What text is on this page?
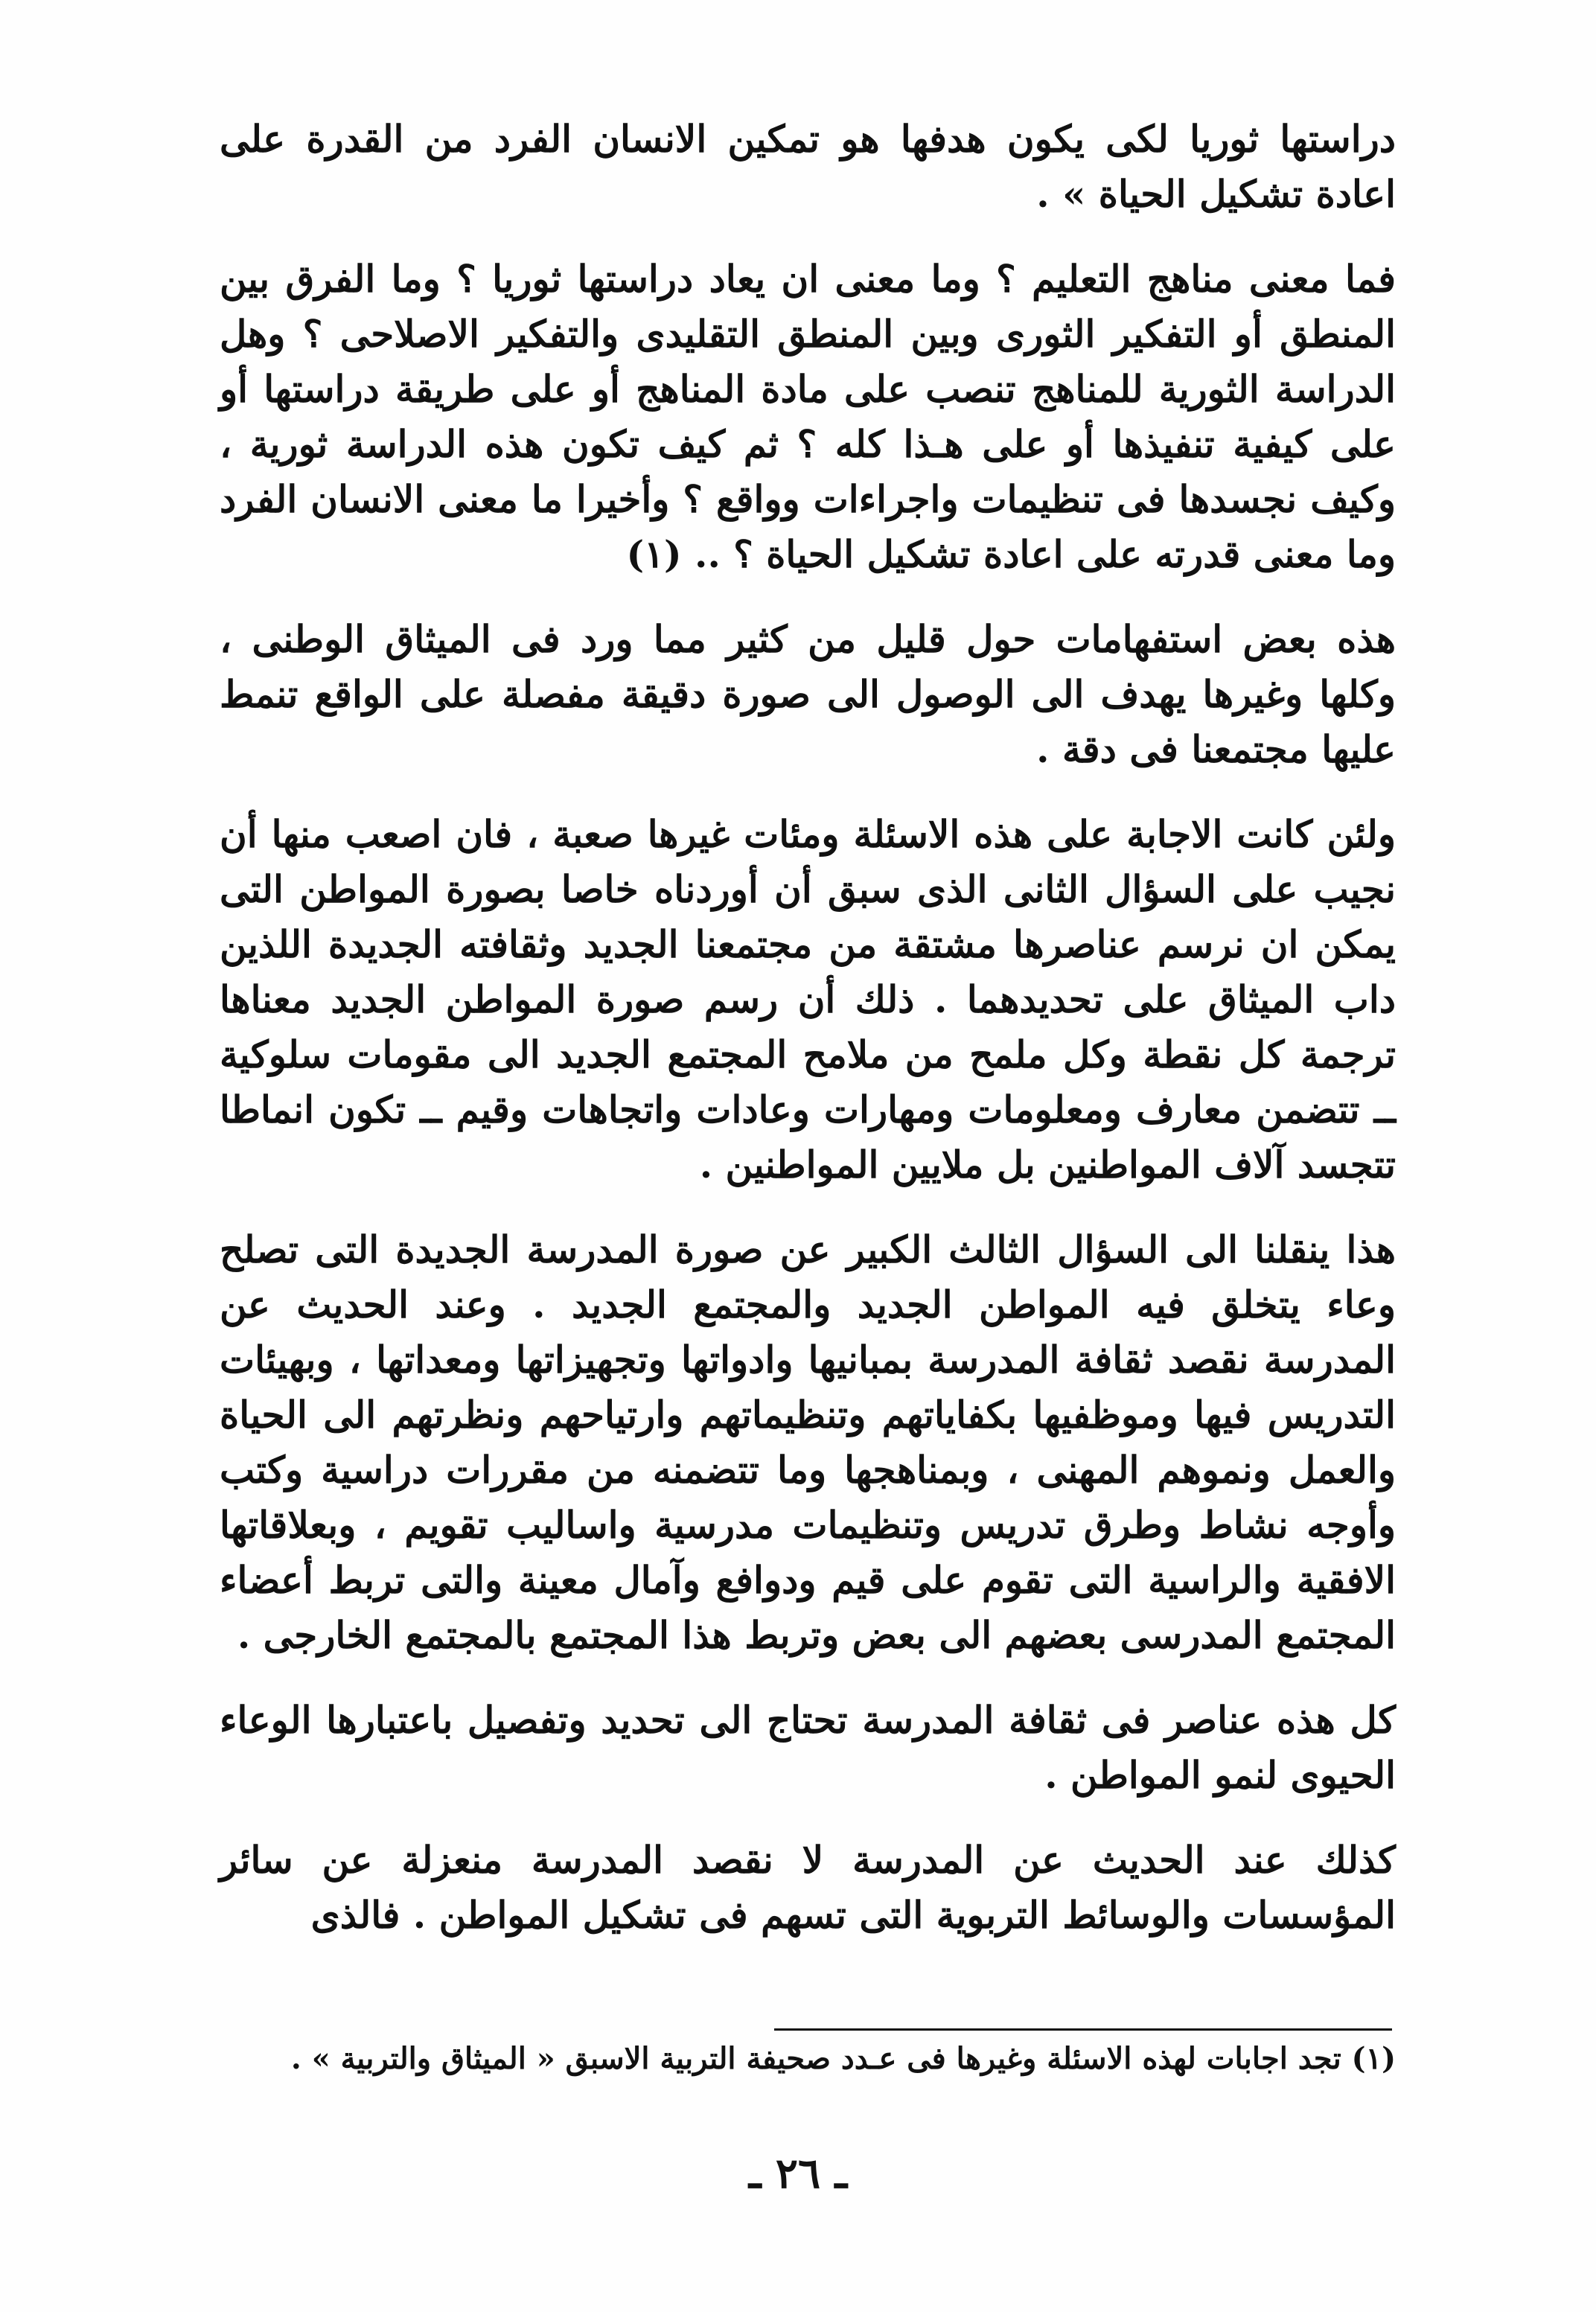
دراستها ثوريا لكى يكون هدفها هو تمكين الانسان الفرد من القدرة على اعادة تشكيل الحياة » .

فما معنى مناهج التعليم ؟ وما معنى ان يعاد دراستها ثوريا ؟ وما الفرق بين المنطق أو التفكير الثورى وبين المنطق التقليدى والتفكير الاصلاحى ؟ وهل الدراسة الثورية للمناهج تنصب على مادة المناهج أو على طريقة دراستها أو على كيفية تنفيذها أو على هـذا كله ؟ ثم كيف تكون هذه الدراسة ثورية ، وكيف نجسدها فى تنظيمات واجراءات وواقع ؟ وأخيرا ما معنى الانسان الفرد وما معنى قدرته على اعادة تشكيل الحياة ؟ .. (١)

هذه بعض استفهامات حول قليل من كثير مما ورد فى الميثاق الوطنى ، وكلها وغيرها يهدف الى الوصول الى صورة دقيقة مفصلة على الواقع تنمط عليها مجتمعنا فى دقة .

ولئن كانت الاجابة على هذه الاسئلة ومئات غيرها صعبة ، فان اصعب منها أن نجيب على السؤال الثانى الذى سبق أن أوردناه خاصا بصورة المواطن التى يمكن ان نرسم عناصرها مشتقة من مجتمعنا الجديد وثقافته الجديدة اللذين داب الميثاق على تحديدهما . ذلك أن رسم صورة المواطن الجديد معناها ترجمة كل نقطة وكل ملمح من ملامح المجتمع الجديد الى مقومات سلوكية ــ تتضمن معارف ومعلومات ومهارات وعادات واتجاهات وقيم ــ تكون انماطا تتجسد آلاف المواطنين بل ملايين المواطنين .

هذا ينقلنا الى السؤال الثالث الكبير عن صورة المدرسة الجديدة التى تصلح وعاء يتخلق فيه المواطن الجديد والمجتمع الجديد . وعند الحديث عن المدرسة نقصد ثقافة المدرسة بمبانيها وادواتها وتجهيزاتها ومعداتها ، وبهيئات التدريس فيها وموظفيها بكفاياتهم وتنظيماتهم وارتياحهم ونظرتهم الى الحياة والعمل ونموهم المهنى ، وبمناهجها وما تتضمنه من مقررات دراسية وكتب وأوجه نشاط وطرق تدريس وتنظيمات مدرسية واساليب تقويم ، وبعلاقاتها الافقية والراسية التى تقوم على قيم ودوافع وآمال معينة والتى تربط أعضاء المجتمع المدرسى بعضهم الى بعض وتربط هذا المجتمع بالمجتمع الخارجى .

كل هذه عناصر فى ثقافة المدرسة تحتاج الى تحديد وتفصيل باعتبارها الوعاء الحيوى لنمو المواطن .

كذلك عند الحديث عن المدرسة لا نقصد المدرسة منعزلة عن سائر المؤسسات والوسائط التربوية التى تسهم فى تشكيل المواطن . فالذى

(١) تجد اجابات لهذه الاسئلة وغيرها فى عـدد صحيفة التربية الاسبق « الميثاق والتربية » .

ـ ٢٦ ـ
